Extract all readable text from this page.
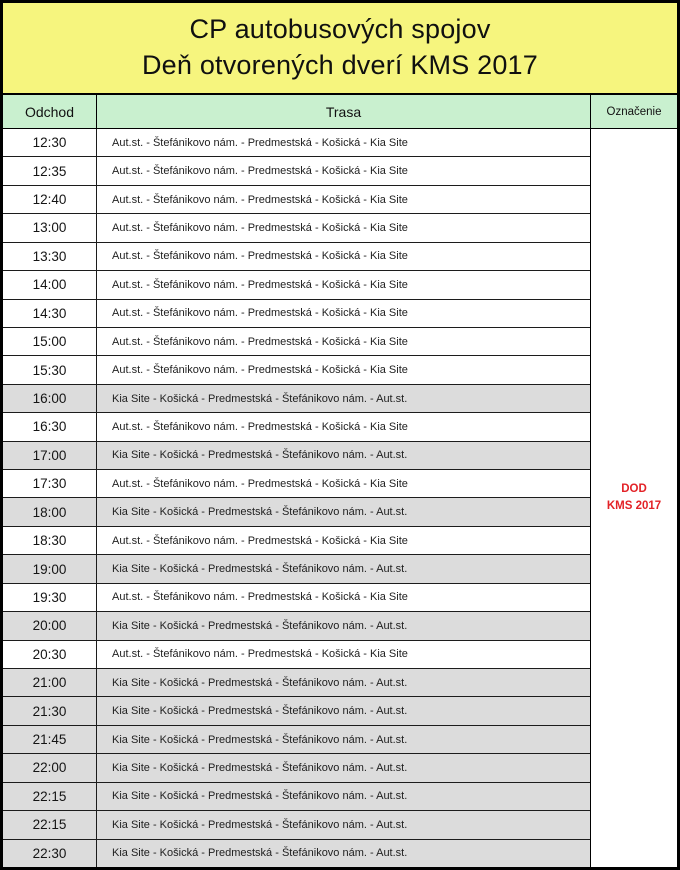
CP autobusových spojov
Deň otvorených dverí KMS 2017
Odchod	Trasa	Označenie
12:30	Aut.st. - Štefánikovo nám. - Predmestská - Košická - Kia Site
12:35	Aut.st. - Štefánikovo nám. - Predmestská - Košická - Kia Site
12:40	Aut.st. - Štefánikovo nám. - Predmestská - Košická - Kia Site
13:00	Aut.st. - Štefánikovo nám. - Predmestská - Košická - Kia Site
13:30	Aut.st. - Štefánikovo nám. - Predmestská - Košická - Kia Site
14:00	Aut.st. - Štefánikovo nám. - Predmestská - Košická - Kia Site
14:30	Aut.st. - Štefánikovo nám. - Predmestská - Košická - Kia Site
15:00	Aut.st. - Štefánikovo nám. - Predmestská - Košická - Kia Site
15:30	Aut.st. - Štefánikovo nám. - Predmestská - Košická - Kia Site
16:00	Kia Site - Košická - Predmestská - Štefánikovo nám. - Aut.st.
16:30	Aut.st. - Štefánikovo nám. - Predmestská - Košická - Kia Site
17:00	Kia Site - Košická - Predmestská - Štefánikovo nám. - Aut.st.
17:30	Aut.st. - Štefánikovo nám. - Predmestská - Košická - Kia Site
18:00	Kia Site - Košická - Predmestská - Štefánikovo nám. - Aut.st.
18:30	Aut.st. - Štefánikovo nám. - Predmestská - Košická - Kia Site
19:00	Kia Site - Košická - Predmestská - Štefánikovo nám. - Aut.st.
19:30	Aut.st. - Štefánikovo nám. - Predmestská - Košická - Kia Site
20:00	Kia Site - Košická - Predmestská - Štefánikovo nám. - Aut.st.
20:30	Aut.st. - Štefánikovo nám. - Predmestská - Košická - Kia Site
21:00	Kia Site - Košická - Predmestská - Štefánikovo nám. - Aut.st.
21:30	Kia Site - Košická - Predmestská - Štefánikovo nám. - Aut.st.
21:45	Kia Site - Košická - Predmestská - Štefánikovo nám. - Aut.st.
22:00	Kia Site - Košická - Predmestská - Štefánikovo nám. - Aut.st.
22:15	Kia Site - Košická - Predmestská - Štefánikovo nám. - Aut.st.
22:15	Kia Site - Košická - Predmestská - Štefánikovo nám. - Aut.st.
22:30	Kia Site - Košická - Predmestská - Štefánikovo nám. - Aut.st.
DOD
KMS 2017
